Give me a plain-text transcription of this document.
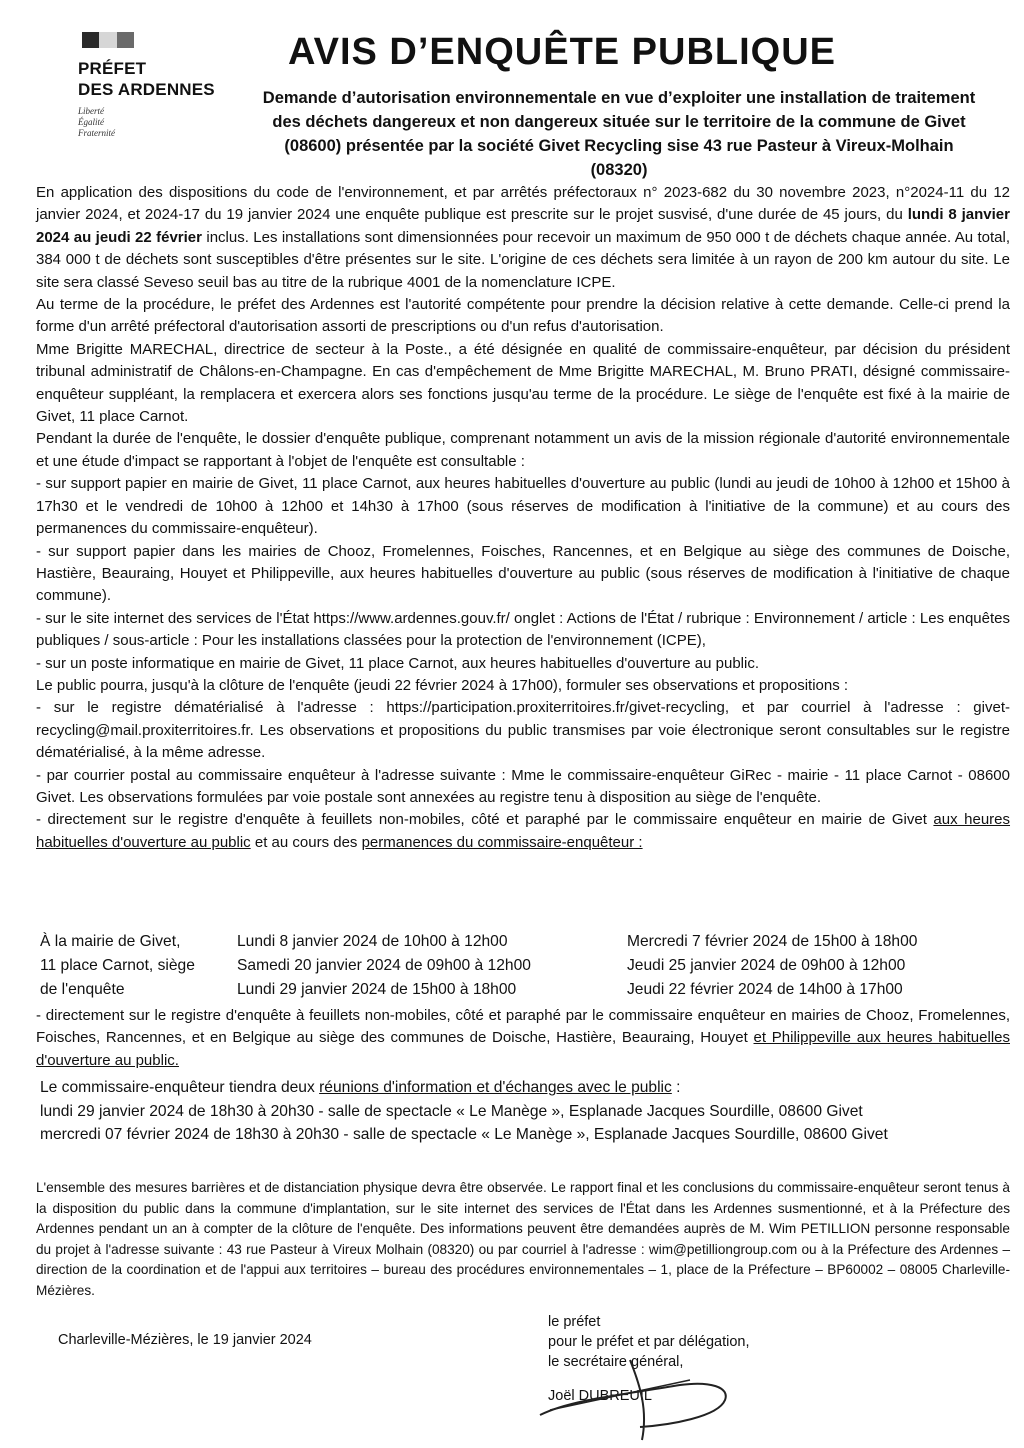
PRÉFET
DES ARDENNES
Liberté
Égalité
Fraternité
AVIS D’ENQUÊTE PUBLIQUE
Demande d’autorisation environnementale en vue d’exploiter une installation de traitement des déchets dangereux et non dangereux située sur le territoire de la commune de Givet (08600) présentée par la société Givet Recycling sise 43 rue Pasteur à Vireux-Molhain (08320)

En application des dispositions du code de l'environnement, et par arrêtés préfectoraux n° 2023-682 du 30 novembre 2023, n°2024-11 du 12 janvier 2024, et 2024-17 du 19 janvier 2024 une enquête publique est prescrite sur le projet susvisé, d'une durée de 45 jours, du lundi 8 janvier 2024 au jeudi 22 février inclus. Les installations sont dimensionnées pour recevoir un maximum de 950 000 t de déchets chaque année. Au total, 384 000 t de déchets sont susceptibles d'être présentes sur le site. L'origine de ces déchets sera limitée à un rayon de 200 km autour du site. Le site sera classé Seveso seuil bas au titre de la rubrique 4001 de la nomenclature ICPE.

Au terme de la procédure, le préfet des Ardennes est l'autorité compétente pour prendre la décision relative à cette demande. Celle-ci prend la forme d'un arrêté préfectoral d'autorisation assorti de prescriptions ou d'un refus d'autorisation.

Mme Brigitte MARECHAL, directrice de secteur à la Poste., a été désignée en qualité de commissaire-enquêteur, par décision du président tribunal administratif de Châlons-en-Champagne. En cas d'empêchement de Mme Brigitte MARECHAL, M. Bruno PRATI, désigné commissaire-enquêteur suppléant, la remplacera et exercera alors ses fonctions jusqu'au terme de la procédure. Le siège de l'enquête est fixé à la mairie de Givet, 11 place Carnot.

Pendant la durée de l'enquête, le dossier d'enquête publique, comprenant notamment un avis de la mission régionale d'autorité environnementale et une étude d'impact se rapportant à l'objet de l'enquête est consultable :

- sur support papier en mairie de Givet, 11 place Carnot, aux heures habituelles d'ouverture au public (lundi au jeudi de 10h00 à 12h00 et 15h00 à 17h30 et le vendredi de 10h00 à 12h00 et 14h30 à 17h00 (sous réserves de modification à l'initiative de la commune) et au cours des permanences du commissaire-enquêteur).

- sur support papier dans les mairies de Chooz, Fromelennes, Foisches, Rancennes, et en Belgique au siège des communes de Doische, Hastière, Beauraing, Houyet et Philippeville, aux heures habituelles d'ouverture au public (sous réserves de modification à l'initiative de chaque commune).

- sur le site internet des services de l'État https://www.ardennes.gouv.fr/ onglet : Actions de l'État / rubrique : Environnement / article : Les enquêtes publiques / sous-article : Pour les installations classées pour la protection de l'environnement (ICPE),

- sur un poste informatique en mairie de Givet, 11 place Carnot, aux heures habituelles d'ouverture au public.

Le public pourra, jusqu'à la clôture de l'enquête (jeudi 22 février 2024 à 17h00), formuler ses observations et propositions :

- sur le registre dématérialisé à l'adresse : https://participation.proxiterritoires.fr/givet-recycling, et par courriel à l'adresse : givet-recycling@mail.proxiterritoires.fr. Les observations et propositions du public transmises par voie électronique seront consultables sur le registre dématérialisé, à la même adresse.

- par courrier postal au commissaire enquêteur à l'adresse suivante : Mme le commissaire-enquêteur GiRec - mairie - 11 place Carnot - 08600 Givet. Les observations formulées par voie postale sont annexées au registre tenu à disposition au siège de l'enquête.

- directement sur le registre d'enquête à feuillets non-mobiles, côté et paraphé par le commissaire enquêteur en mairie de Givet aux heures habituelles d'ouverture au public et au cours des permanences du commissaire-enquêteur :

À la mairie de Givet,
11 place Carnot, siège
de l'enquête
Lundi 8 janvier 2024 de 10h00 à 12h00
Samedi 20 janvier 2024 de 09h00 à 12h00
Lundi 29 janvier 2024 de 15h00 à 18h00
Mercredi 7 février 2024 de 15h00 à 18h00
Jeudi 25 janvier 2024 de 09h00 à 12h00
Jeudi 22 février 2024 de 14h00 à 17h00
- directement sur le registre d'enquête à feuillets non-mobiles, côté et paraphé par le commissaire enquêteur en mairies de Chooz, Fromelennes, Foisches, Rancennes, et en Belgique au siège des communes de Doische, Hastière, Beauraing, Houyet et Philippeville aux heures habituelles d'ouverture au public.
Le commissaire-enquêteur tiendra deux réunions d'information et d'échanges avec le public :
lundi 29 janvier 2024 de 18h30 à 20h30 - salle de spectacle « Le Manège », Esplanade Jacques Sourdille, 08600 Givet
mercredi 07 février 2024 de 18h30 à 20h30 - salle de spectacle « Le Manège », Esplanade Jacques Sourdille, 08600 Givet
L'ensemble des mesures barrières et de distanciation physique devra être observée. Le rapport final et les conclusions du commissaire-enquêteur seront tenus à la disposition du public dans la commune d'implantation, sur le site internet des services de l'État dans les Ardennes susmentionné, et à la Préfecture des Ardennes pendant un an à compter de la clôture de l'enquête. Des informations peuvent être demandées auprès de M. Wim PETILLION personne responsable du projet à l'adresse suivante : 43 rue Pasteur à Vireux Molhain (08320) ou par courriel à l'adresse : wim@petilliongroup.com ou à la Préfecture des Ardennes – direction de la coordination et de l'appui aux territoires – bureau des procédures environnementales – 1, place de la Préfecture – BP60002 – 08005 Charleville-Mézières.
Charleville-Mézières, le 19 janvier 2024
le préfet
pour le préfet et par délégation,
le secrétaire général,
Joël DUBREUIL
